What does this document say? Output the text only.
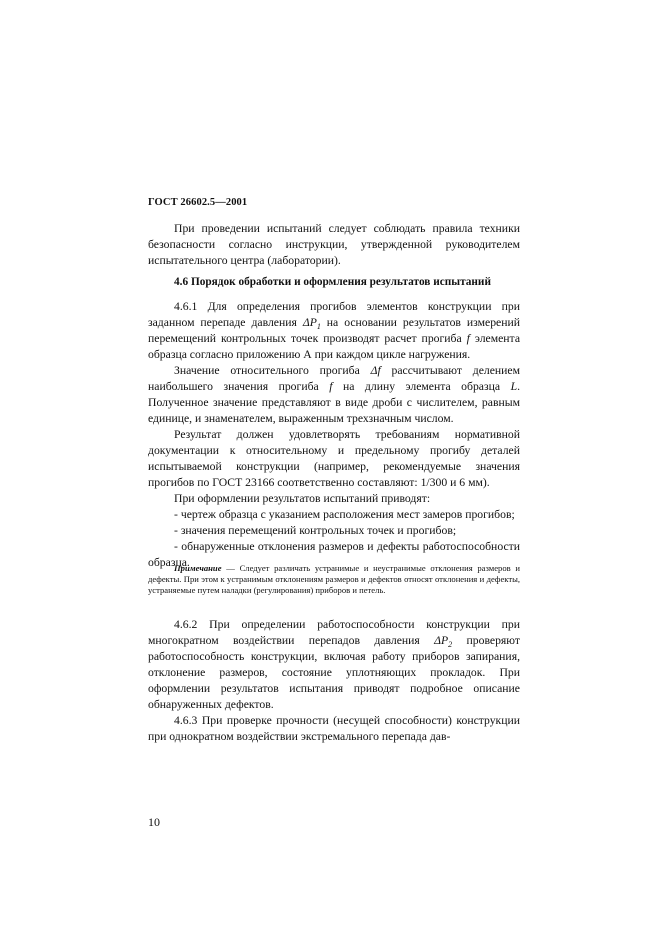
ГОСТ 26602.5—2001

При проведении испытаний следует соблюдать правила техники безопасности согласно инструкции, утвержденной руководителем испытательного центра (лаборатории).

4.6 Порядок обработки и оформления результатов испытаний

4.6.1 Для определения прогибов элементов конструкции при заданном перепаде давления $\Delta P_1$ на основании результатов измерений перемещений контрольных точек производят расчет прогиба f элемента образца согласно приложению А при каждом цикле нагружения.

Значение относительного прогиба Δf рассчитывают делением наибольшего значения прогиба f на длину элемента образца L. Полученное значение представляют в виде дроби с числителем, равным единице, и знаменателем, выраженным трехзначным числом.

Результат должен удовлетворять требованиям нормативной документации к относительному и предельному прогибу деталей испытываемой конструкции (например, рекомендуемые значения прогибов по ГОСТ 23166 соответственно составляют: 1/300 и 6 мм).

При оформлении результатов испытаний приводят:

- чертеж образца с указанием расположения мест замеров прогибов;

- значения перемещений контрольных точек и прогибов;

- обнаруженные отклонения размеров и дефекты работоспособности образца.

Примечание — Следует различать устранимые и неустранимые отклонения размеров и дефекты. При этом к устранимым отклонениям размеров и дефектов относят отклонения и дефекты, устраняемые путем наладки (регулирования) приборов и петель.

4.6.2 При определении работоспособности конструкции при многократном воздействии перепадов давления $\Delta P_2$ проверяют работоспособность конструкции, включая работу приборов запирания, отклонение размеров, состояние уплотняющих прокладок. При оформлении результатов испытания приводят подробное описание обнаруженных дефектов.

4.6.3 При проверке прочности (несущей способности) конструкции при однократном воздействии экстремального перепада дав-

10
